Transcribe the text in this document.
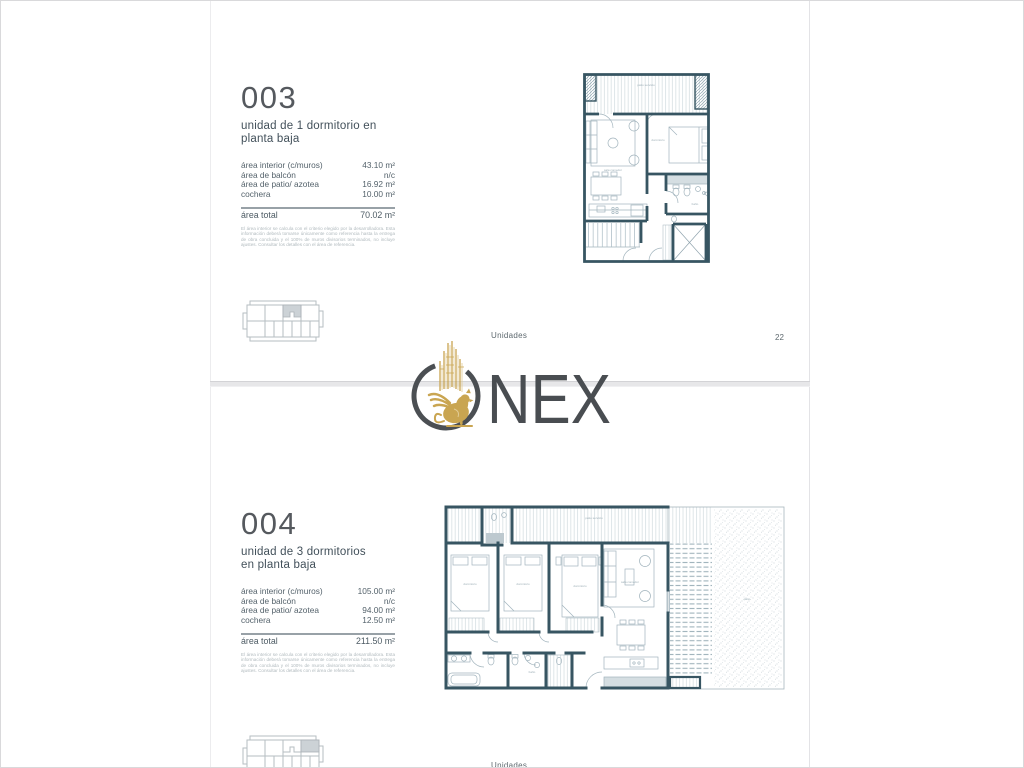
003
unidad de 1 dormitorio en
planta baja
área interior (c/muros)	43.10 m²
área de balcón	n/c
área de patio/ azotea	16.92 m²
cochera	10.00 m²
área total	70.02 m²
El área interior se calcula con el criterio elegido por la desarrolladora. Esta información deberá tomarse únicamente como referencia hasta la entrega de obra concluida y el 100% de muros divisorios terminados, no incluye ajustes. Consultar los detalles con el área de referencia.
patio servicio
sala comedor
dormitorio
baño
Unidades	22
004
unidad de 3 dormitorios
en planta baja
área interior (c/muros)	105.00 m²
área de balcón	n/c
área de patio/ azotea	94.00 m²
cochera	12.50 m²
área total	211.50 m²
El área interior se calcula con el criterio elegido por la desarrolladora. Esta información deberá tomarse únicamente como referencia hasta la entrega de obra concluida y el 100% de muros divisorios terminados, no incluye ajustes. Consultar los detalles con el área de referencia.
patio servicio
dormitorio	dormitorio	dormitorio
sala comedor
patio
baño
Unidades
NEX
